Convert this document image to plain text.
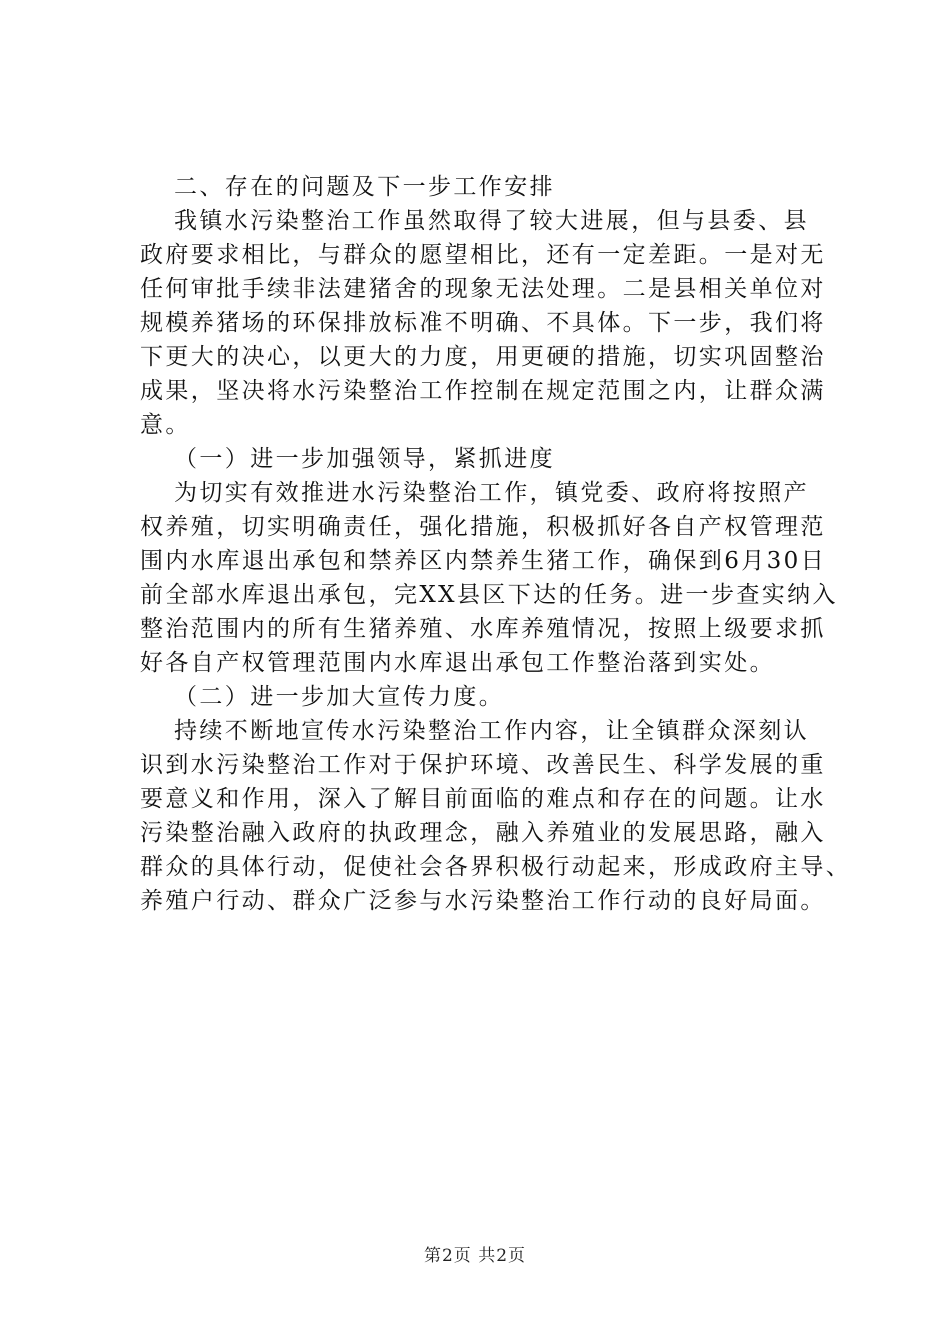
二、存在的问题及下一步工作安排
我镇水污染整治工作虽然取得了较大进展，但与县委、县
政府要求相比，与群众的愿望相比，还有一定差距。一是对无
任何审批手续非法建猪舍的现象无法处理。二是县相关单位对
规模养猪场的环保排放标准不明确、不具体。下一步，我们将
下更大的决心，以更大的力度，用更硬的措施，切实巩固整治
成果，坚决将水污染整治工作控制在规定范围之内，让群众满
意。
（一）进一步加强领导，紧抓进度
为切实有效推进水污染整治工作，镇党委、政府将按照产
权养殖，切实明确责任，强化措施，积极抓好各自产权管理范
围内水库退出承包和禁养区内禁养生猪工作，确保到6月30日
前全部水库退出承包，完XX县区下达的任务。进一步查实纳入
整治范围内的所有生猪养殖、水库养殖情况，按照上级要求抓
好各自产权管理范围内水库退出承包工作整治落到实处。
（二）进一步加大宣传力度。
持续不断地宣传水污染整治工作内容，让全镇群众深刻认
识到水污染整治工作对于保护环境、改善民生、科学发展的重
要意义和作用，深入了解目前面临的难点和存在的问题。让水
污染整治融入政府的执政理念，融入养殖业的发展思路，融入
群众的具体行动，促使社会各界积极行动起来，形成政府主导、
养殖户行动、群众广泛参与水污染整治工作行动的良好局面。
第2页 共2页
